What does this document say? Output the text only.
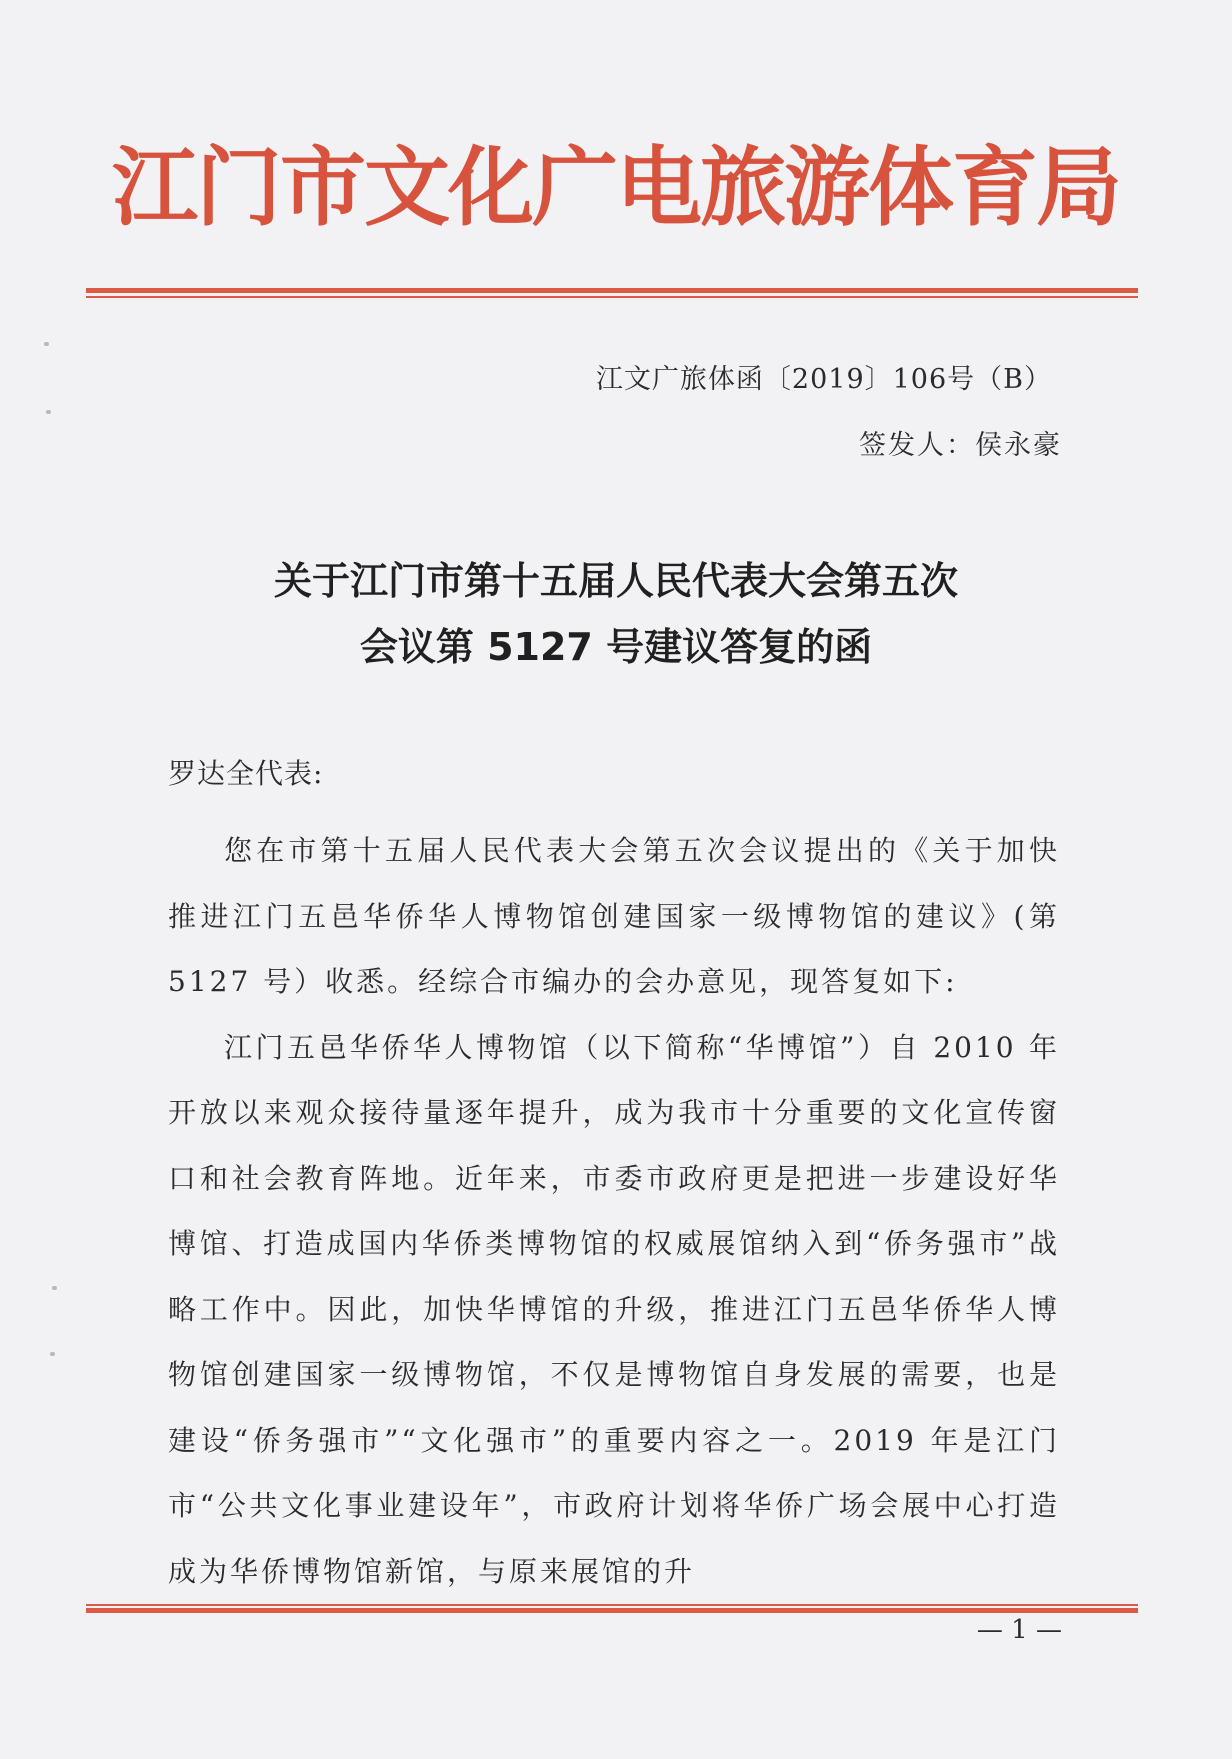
江门市文化广电旅游体育局
江文广旅体函〔2019〕106号（B）
签发人：侯永豪
关于江门市第十五届人民代表大会第五次
会议第 5127 号建议答复的函
罗达全代表:

您在市第十五届人民代表大会第五次会议提出的《关于加快推进江门五邑华侨华人博物馆创建国家一级博物馆的建议》(第 5127 号）收悉。经综合市编办的会办意见，现答复如下:

江门五邑华侨华人博物馆（以下简称“华博馆”）自 2010 年开放以来观众接待量逐年提升，成为我市十分重要的文化宣传窗口和社会教育阵地。近年来，市委市政府更是把进一步建设好华博馆、打造成国内华侨类博物馆的权威展馆纳入到“侨务强市”战略工作中。因此，加快华博馆的升级，推进江门五邑华侨华人博物馆创建国家一级博物馆，不仅是博物馆自身发展的需要，也是建设“侨务强市”“文化强市”的重要内容之一。2019 年是江门市“公共文化事业建设年”，市政府计划将华侨广场会展中心打造成为华侨博物馆新馆，与原来展馆的升

— 1 —
